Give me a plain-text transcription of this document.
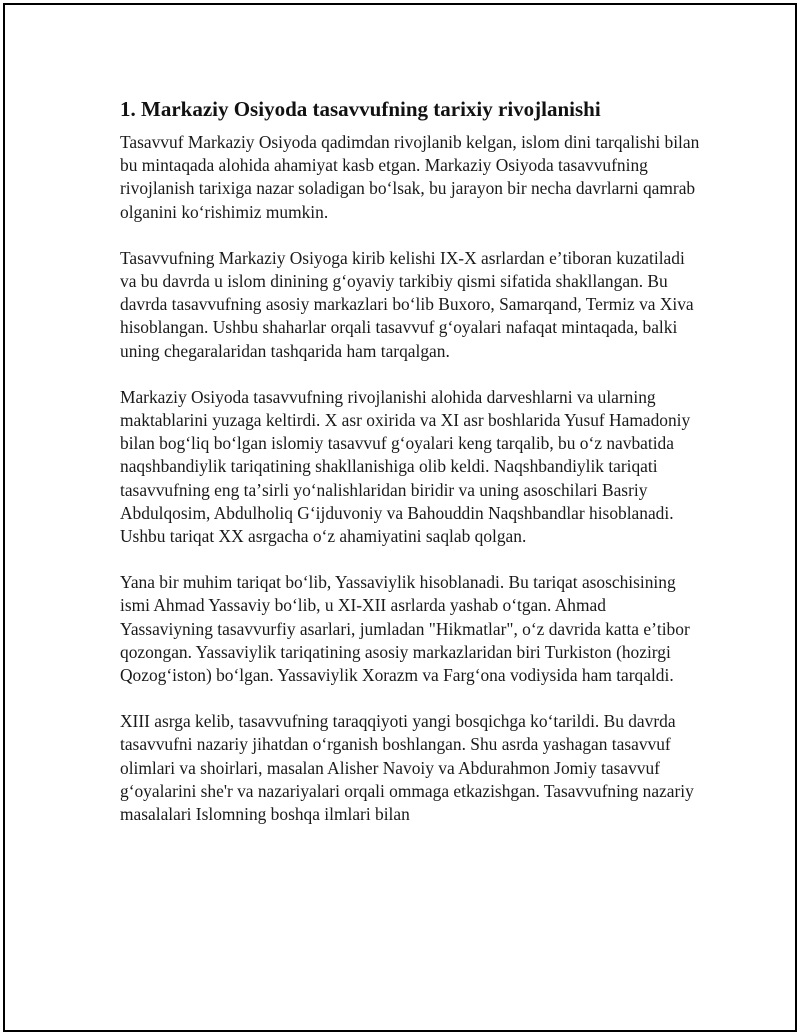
1. Markaziy Osiyoda tasavvufning tarixiy rivojlanishi

Tasavvuf Markaziy Osiyoda qadimdan rivojlanib kelgan, islom dini tarqalishi bilan bu mintaqada alohida ahamiyat kasb etgan. Markaziy Osiyoda tasavvufning rivojlanish tarixiga nazar soladigan boʻlsak, bu jarayon bir necha davrlarni qamrab olganini koʻrishimiz mumkin.

Tasavvufning Markaziy Osiyoga kirib kelishi IX-X asrlardan eʼtiboran kuzatiladi va bu davrda u islom dinining gʻoyaviy tarkibiy qismi sifatida shakllangan. Bu davrda tasavvufning asosiy markazlari boʻlib Buxoro, Samarqand, Termiz va Xiva hisoblangan. Ushbu shaharlar orqali tasavvuf gʻoyalari nafaqat mintaqada, balki uning chegaralaridan tashqarida ham tarqalgan.

Markaziy Osiyoda tasavvufning rivojlanishi alohida darveshlarni va ularning maktablarini yuzaga keltirdi. X asr oxirida va XI asr boshlarida Yusuf Hamadoniy bilan bogʻliq boʻlgan islomiy tasavvuf gʻoyalari keng tarqalib, bu oʻz navbatida naqshbandiylik tariqatining shakllanishiga olib keldi. Naqshbandiylik tariqati tasavvufning eng taʼsirli yoʻnalishlaridan biridir va uning asoschilari Basriy Abdulqosim, Abdulholiq Gʻijduvoniy va Bahouddin Naqshbandlar hisoblanadi. Ushbu tariqat XX asrgacha oʻz ahamiyatini saqlab qolgan.

Yana bir muhim tariqat boʻlib, Yassaviylik hisoblanadi. Bu tariqat asoschisining ismi Ahmad Yassaviy boʻlib, u XI-XII asrlarda yashab oʻtgan. Ahmad Yassaviyning tasavvurfiy asarlari, jumladan "Hikmatlar", oʻz davrida katta eʼtibor qozongan. Yassaviylik tariqatining asosiy markazlaridan biri Turkiston (hozirgi Qozogʻiston) boʻlgan. Yassaviylik Xorazm va Fargʻona vodiysida ham tarqaldi.

XIII asrga kelib, tasavvufning taraqqiyoti yangi bosqichga koʻtarildi. Bu davrda tasavvufni nazariy jihatdan oʻrganish boshlangan. Shu asrda yashagan tasavvuf olimlari va shoirlari, masalan Alisher Navoiy va Abdurahmon Jomiy tasavvuf gʻoyalarini she'r va nazariyalari orqali ommaga etkazishgan. Tasavvufning nazariy masalalari Islomning boshqa ilmlari bilan
